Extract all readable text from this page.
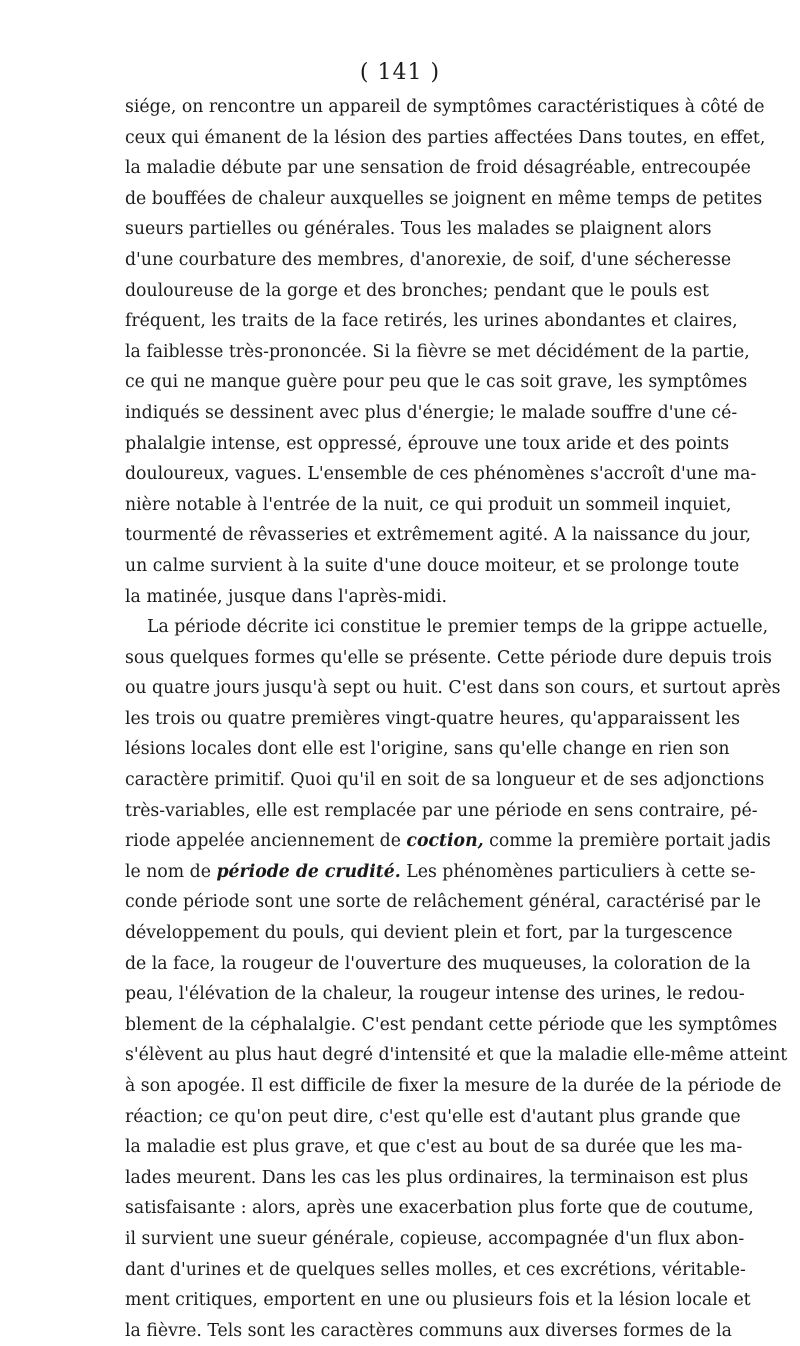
( 141 )
siége, on rencontre un appareil de symptômes caractéristiques à côté de
ceux qui émanent de la lésion des parties affectées Dans toutes, en effet,
la maladie débute par une sensation de froid désagréable, entrecoupée
de bouffées de chaleur auxquelles se joignent en même temps de petites
sueurs partielles ou générales. Tous les malades se plaignent alors
d'une courbature des membres, d'anorexie, de soif, d'une sécheresse
douloureuse de la gorge et des bronches; pendant que le pouls est
fréquent, les traits de la face retirés, les urines abondantes et claires,
la faiblesse très-prononcée. Si la fièvre se met décidément de la partie,
ce qui ne manque guère pour peu que le cas soit grave, les symptômes
indiqués se dessinent avec plus d'énergie; le malade souffre d'une cé-
phalalgie intense, est oppressé, éprouve une toux aride et des points
douloureux, vagues. L'ensemble de ces phénomènes s'accroît d'une ma-
nière notable à l'entrée de la nuit, ce qui produit un sommeil inquiet,
tourmenté de rêvasseries et extrêmement agité. A la naissance du jour,
un calme survient à la suite d'une douce moiteur, et se prolonge toute
la matinée, jusque dans l'après-midi.
La période décrite ici constitue le premier temps de la grippe actuelle,
sous quelques formes qu'elle se présente. Cette période dure depuis trois
ou quatre jours jusqu'à sept ou huit. C'est dans son cours, et surtout après
les trois ou quatre premières vingt-quatre heures, qu'apparaissent les
lésions locales dont elle est l'origine, sans qu'elle change en rien son
caractère primitif. Quoi qu'il en soit de sa longueur et de ses adjonctions
très-variables, elle est remplacée par une période en sens contraire, pé-
riode appelée anciennement de coction, comme la première portait jadis
le nom de période de crudité. Les phénomènes particuliers à cette se-
conde période sont une sorte de relâchement général, caractérisé par le
développement du pouls, qui devient plein et fort, par la turgescence
de la face, la rougeur de l'ouverture des muqueuses, la coloration de la
peau, l'élévation de la chaleur, la rougeur intense des urines, le redou-
blement de la céphalalgie. C'est pendant cette période que les symptômes
s'élèvent au plus haut degré d'intensité et que la maladie elle-même atteint
à son apogée. Il est difficile de fixer la mesure de la durée de la période de
réaction; ce qu'on peut dire, c'est qu'elle est d'autant plus grande que
la maladie est plus grave, et que c'est au bout de sa durée que les ma-
lades meurent. Dans les cas les plus ordinaires, la terminaison est plus
satisfaisante : alors, après une exacerbation plus forte que de coutume,
il survient une sueur générale, copieuse, accompagnée d'un flux abon-
dant d'urines et de quelques selles molles, et ces excrétions, véritable-
ment critiques, emportent en une ou plusieurs fois et la lésion locale et
la fièvre. Tels sont les caractères communs aux diverses formes de la
